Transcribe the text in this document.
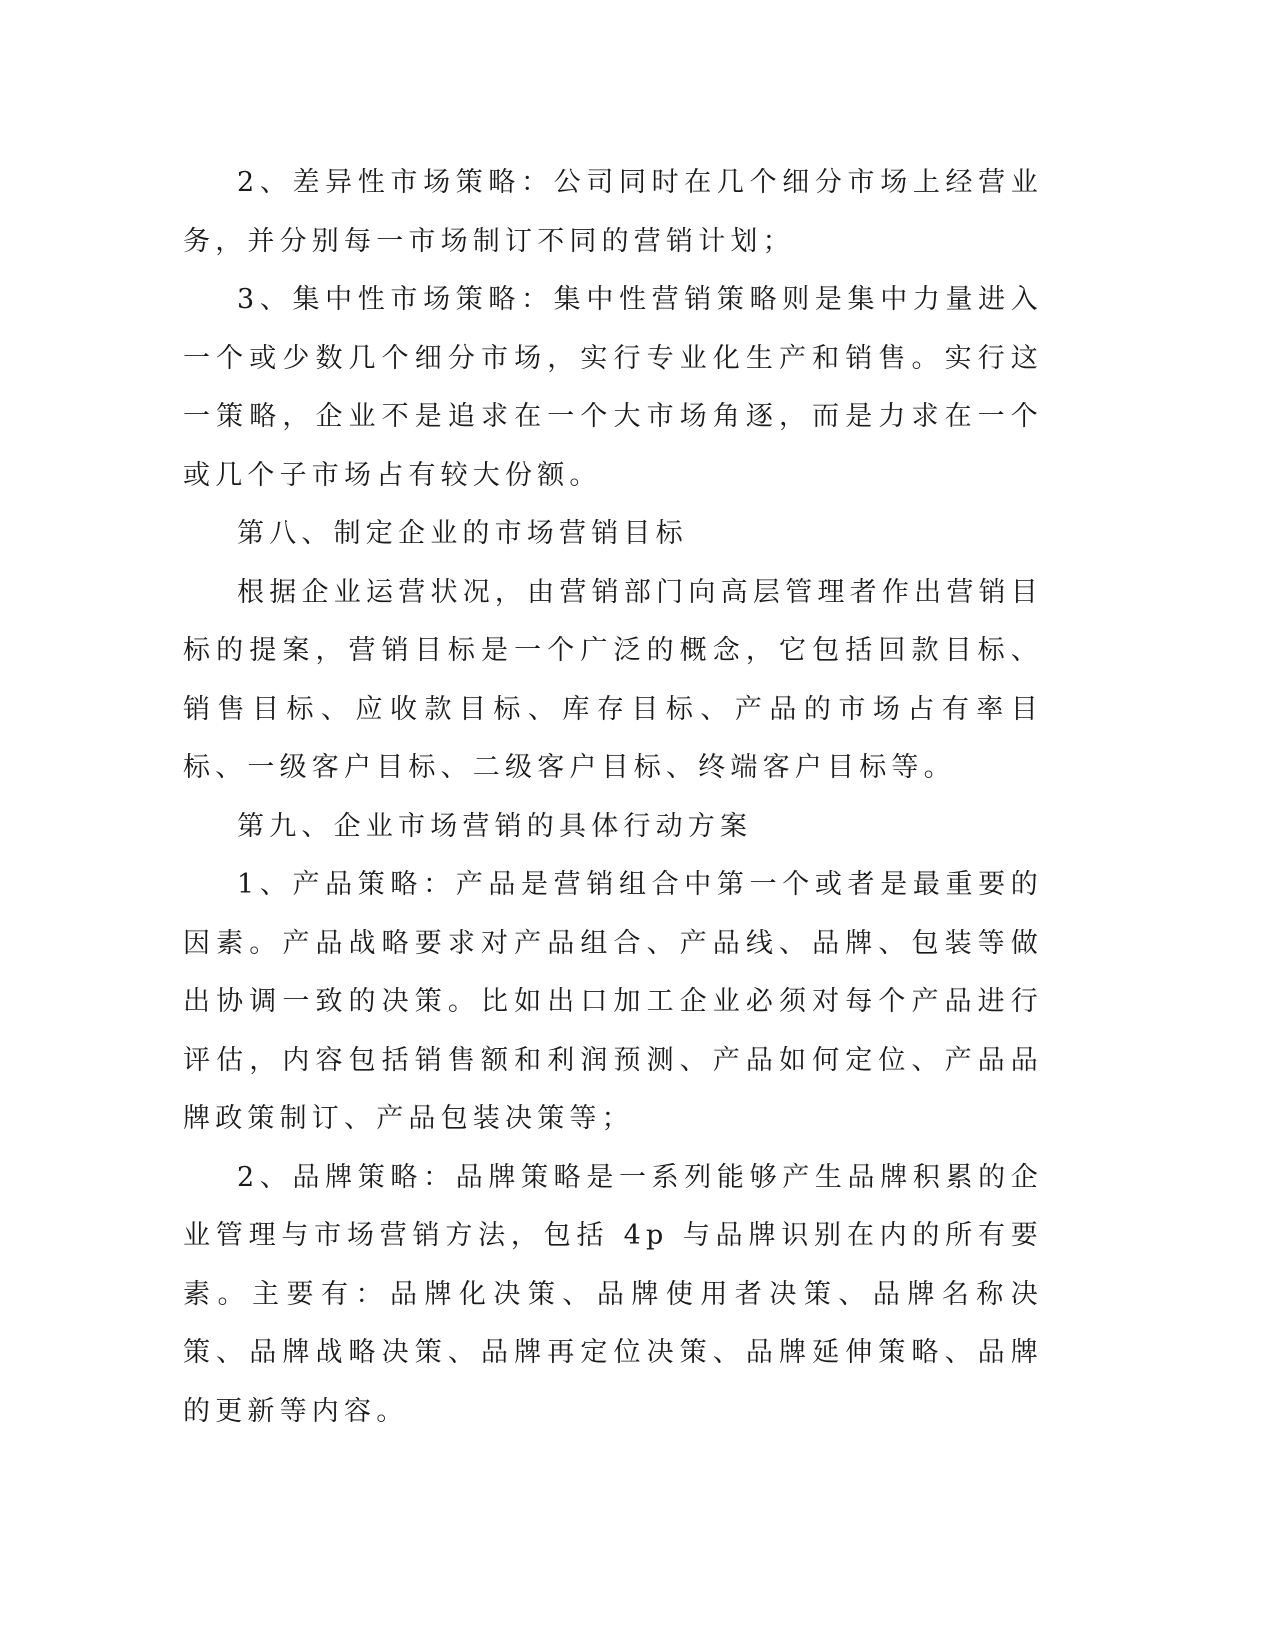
2、差异性市场策略：公司同时在几个细分市场上经营业务，并分别每一市场制订不同的营销计划；

3、集中性市场策略：集中性营销策略则是集中力量进入一个或少数几个细分市场，实行专业化生产和销售。实行这一策略，企业不是追求在一个大市场角逐，而是力求在一个或几个子市场占有较大份额。

第八、制定企业的市场营销目标

根据企业运营状况，由营销部门向高层管理者作出营销目标的提案，营销目标是一个广泛的概念，它包括回款目标、销售目标、应收款目标、库存目标、产品的市场占有率目标、一级客户目标、二级客户目标、终端客户目标等。

第九、企业市场营销的具体行动方案

1、产品策略：产品是营销组合中第一个或者是最重要的因素。产品战略要求对产品组合、产品线、品牌、包装等做出协调一致的决策。比如出口加工企业必须对每个产品进行评估，内容包括销售额和利润预测、产品如何定位、产品品牌政策制订、产品包装决策等；

2、品牌策略：品牌策略是一系列能够产生品牌积累的企业管理与市场营销方法，包括 4p 与品牌识别在内的所有要素。主要有：品牌化决策、品牌使用者决策、品牌名称决策、品牌战略决策、品牌再定位决策、品牌延伸策略、品牌的更新等内容。
